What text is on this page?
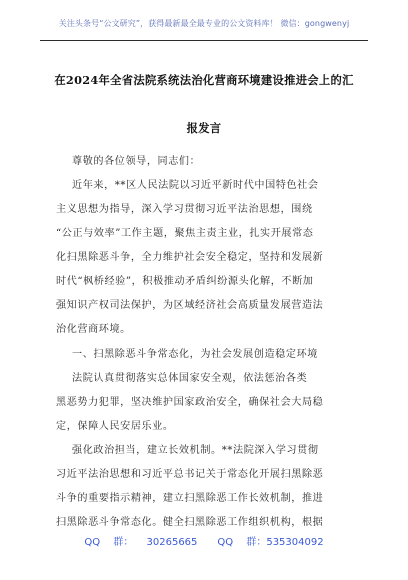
关注头条号“公文研究”，获得最新最全最专业的公文资料库！ 微信：gongwenyj
在2024年全省法院系统法治化营商环境建设推进会上的汇
报发言
尊敬的各位领导，同志们：
近年来，**区人民法院以习近平新时代中国特色社会
主义思想为指导，深入学习贯彻习近平法治思想，围绕
“公正与效率”工作主题，聚焦主责主业，扎实开展常态
化扫黑除恶斗争，全力维护社会安全稳定，坚持和发展新
时代“枫桥经验”，积极推动矛盾纠纷源头化解，不断加
强知识产权司法保护，为区域经济社会高质量发展营造法
治化营商环境。
一、扫黑除恶斗争常态化，为社会发展创造稳定环境
法院认真贯彻落实总体国家安全观，依法惩治各类
黑恶势力犯罪，坚决维护国家政治安全，确保社会大局稳
定，保障人民安居乐业。
强化政治担当，建立长效机制。**法院深入学习贯彻
习近平法治思想和习近平总书记关于常态化开展扫黑除恶
斗争的重要指示精神，建立扫黑除恶工作长效机制，推进
扫黑除恶斗争常态化。健全扫黑除恶工作组织机构，根据
QQ 群： 30265665 QQ 群：535304092
